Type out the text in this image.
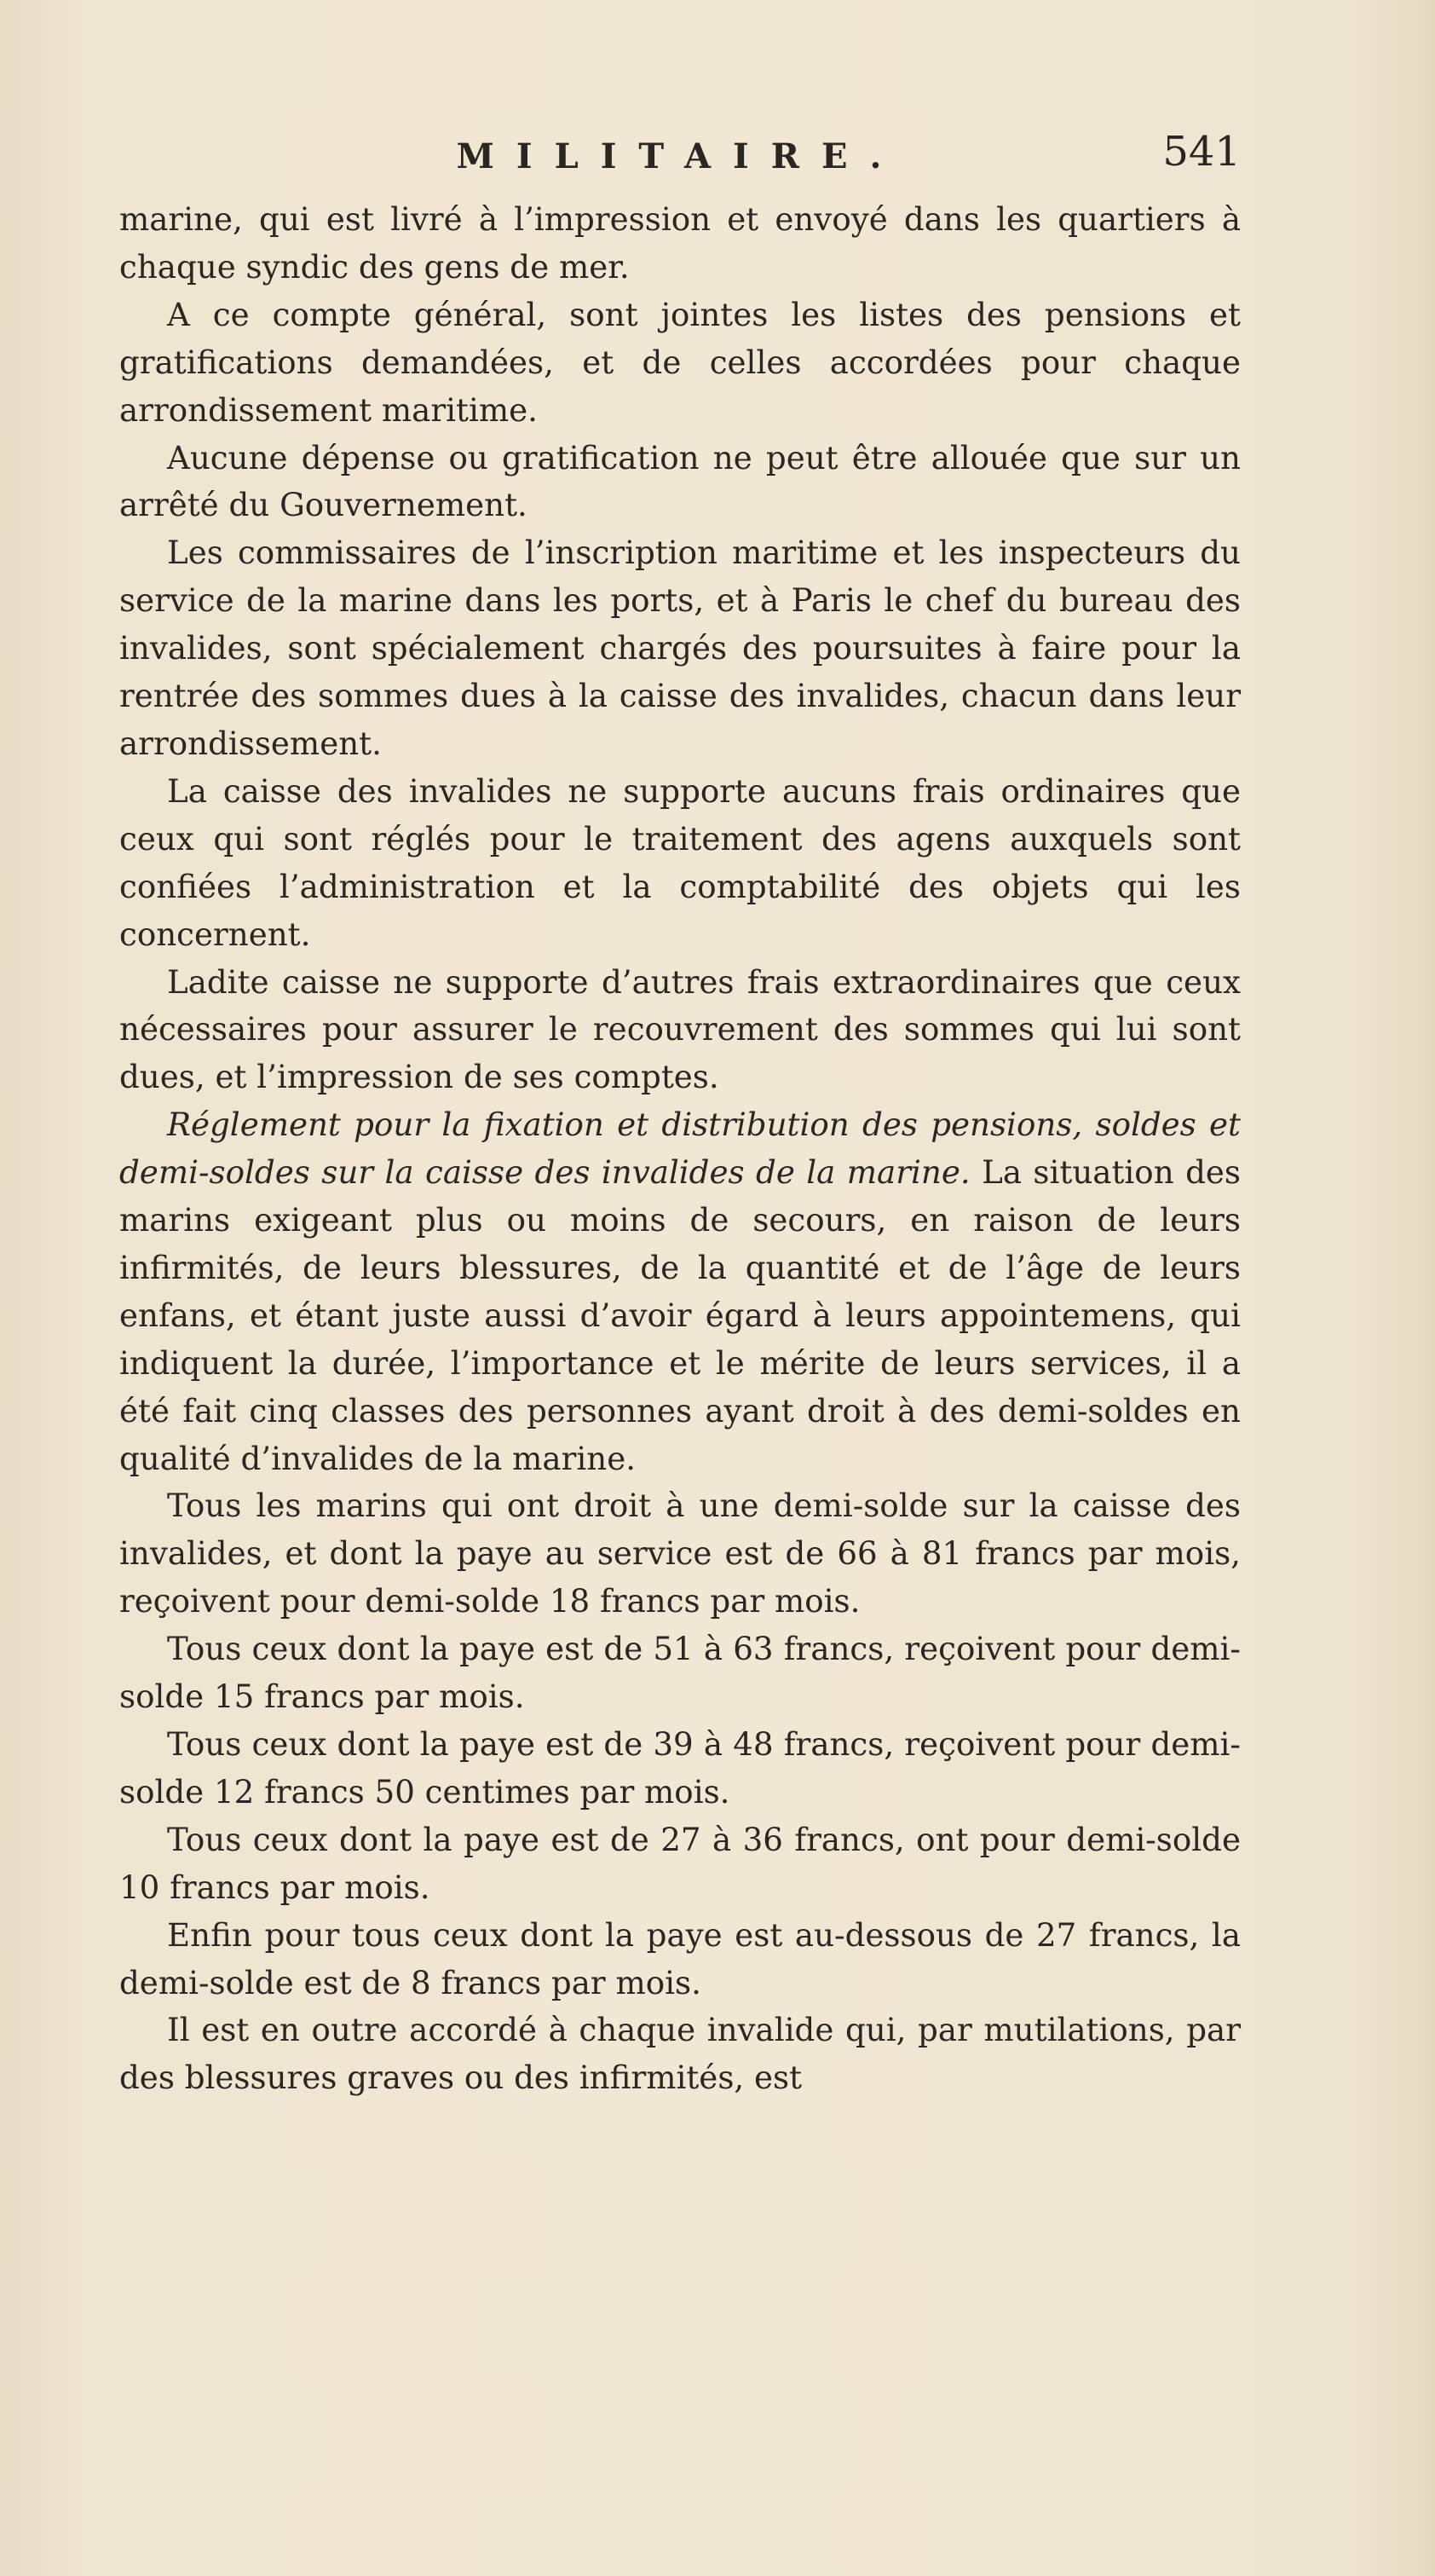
MILITAIRE.	541

marine, qui est livré à l’impression et envoyé dans les quartiers à chaque syndic des gens de mer.

A ce compte général, sont jointes les listes des pensions et gratifications demandées, et de celles accordées pour chaque arrondissement maritime.

Aucune dépense ou gratification ne peut être allouée que sur un arrêté du Gouvernement.

Les commissaires de l’inscription maritime et les inspecteurs du service de la marine dans les ports, et à Paris le chef du bureau des invalides, sont spécialement chargés des poursuites à faire pour la rentrée des sommes dues à la caisse des invalides, chacun dans leur arrondissement.

La caisse des invalides ne supporte aucuns frais ordinaires que ceux qui sont réglés pour le traitement des agens auxquels sont confiées l’administration et la comptabilité des objets qui les concernent.

Ladite caisse ne supporte d’autres frais extraordinaires que ceux nécessaires pour assurer le recouvrement des sommes qui lui sont dues, et l’impression de ses comptes.

Réglement pour la fixation et distribution des pensions, soldes et demi-soldes sur la caisse des invalides de la marine. La situation des marins exigeant plus ou moins de secours, en raison de leurs infirmités, de leurs blessures, de la quantité et de l’âge de leurs enfans, et étant juste aussi d’avoir égard à leurs appointemens, qui indiquent la durée, l’importance et le mérite de leurs services, il a été fait cinq classes des personnes ayant droit à des demi-soldes en qualité d’invalides de la marine.

Tous les marins qui ont droit à une demi-solde sur la caisse des invalides, et dont la paye au service est de 66 à 81 francs par mois, reçoivent pour demi-solde 18 francs par mois.

Tous ceux dont la paye est de 51 à 63 francs, reçoivent pour demi-solde 15 francs par mois.

Tous ceux dont la paye est de 39 à 48 francs, reçoivent pour demi-solde 12 francs 50 centimes par mois.

Tous ceux dont la paye est de 27 à 36 francs, ont pour demi-solde 10 francs par mois.

Enfin pour tous ceux dont la paye est au-dessous de 27 francs, la demi-solde est de 8 francs par mois.

Il est en outre accordé à chaque invalide qui, par mutilations, par des blessures graves ou des infirmités, est
